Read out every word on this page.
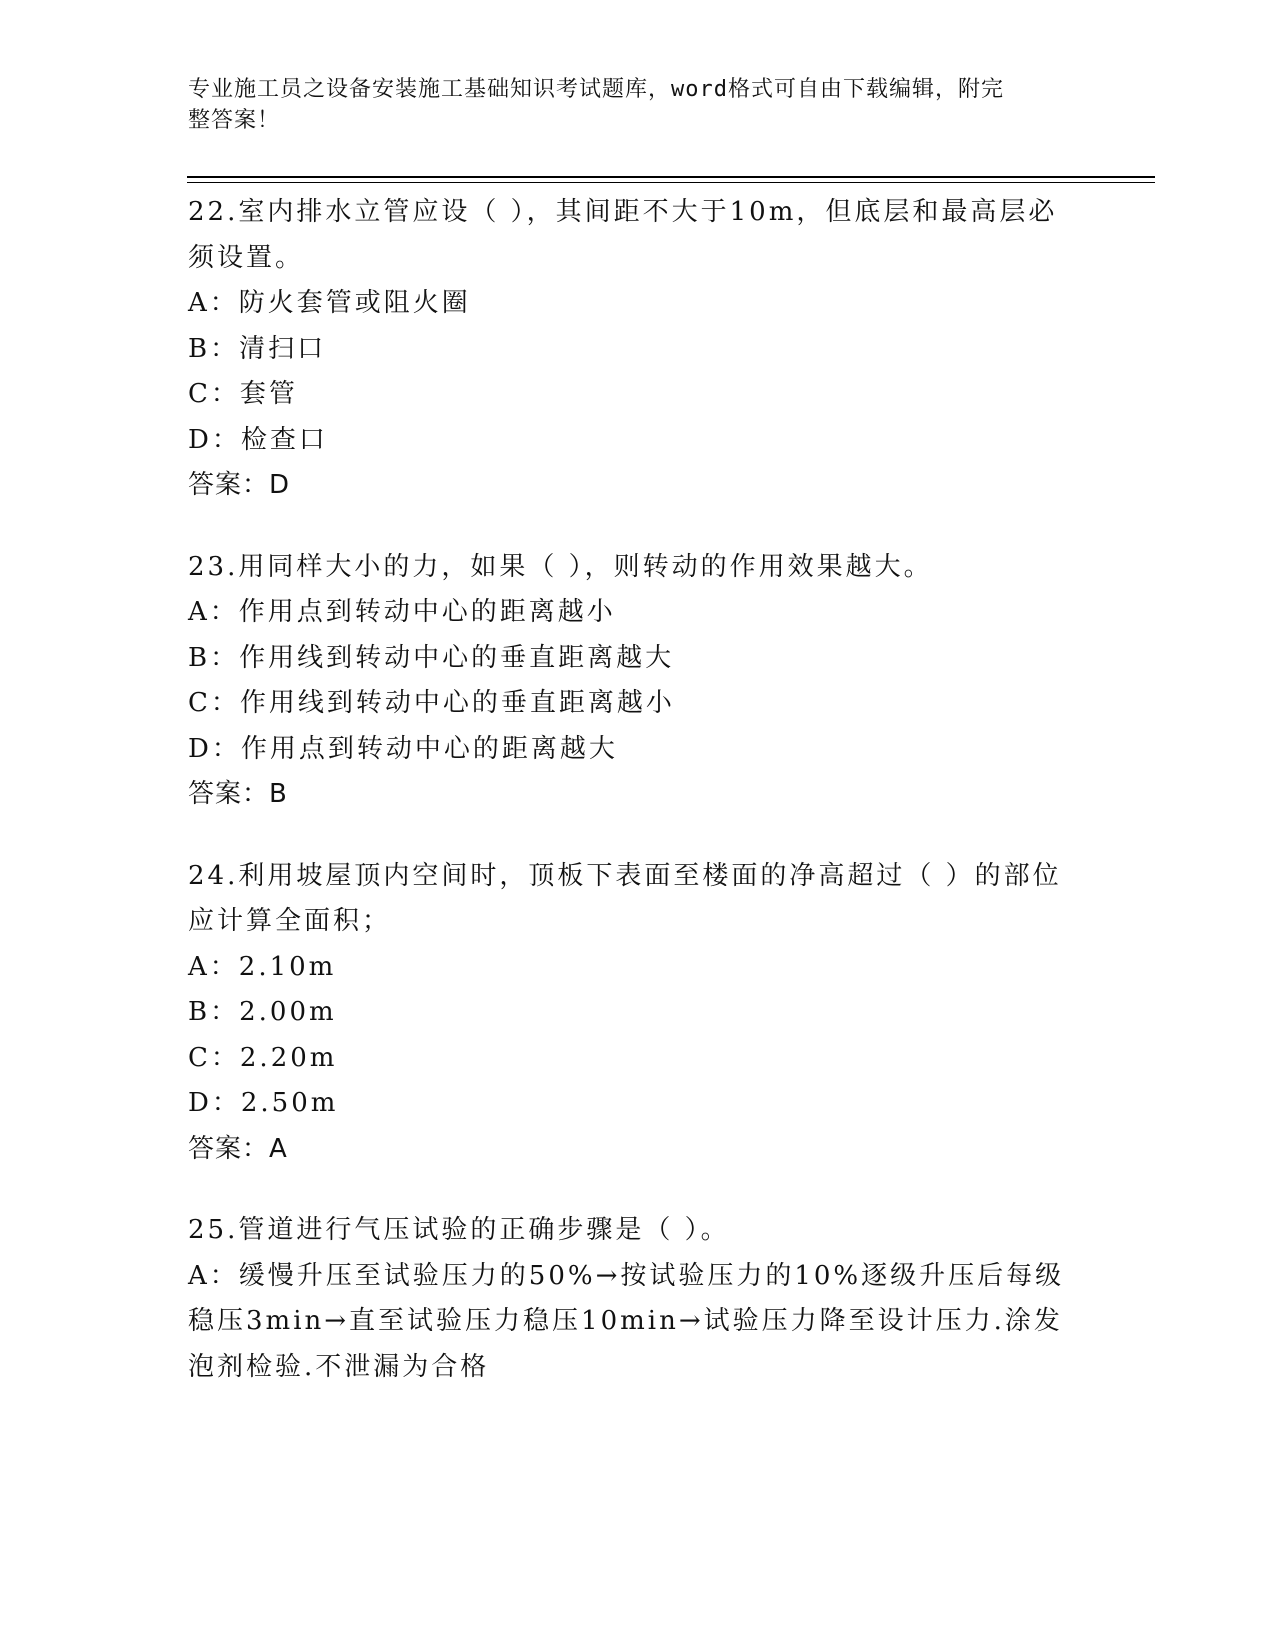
专业施工员之设备安装施工基础知识考试题库，word格式可自由下载编辑，附完
整答案！
22.室内排水立管应设（ ），其间距不大于10m，但底层和最高层必须设置。
A：防火套管或阻火圈
B：清扫口
C：套管
D：检查口
答案：D
23.用同样大小的力，如果（ ），则转动的作用效果越大。
A：作用点到转动中心的距离越小
B：作用线到转动中心的垂直距离越大
C：作用线到转动中心的垂直距离越小
D：作用点到转动中心的距离越大
答案：B
24.利用坡屋顶内空间时，顶板下表面至楼面的净高超过（ ）的部位应计算全面积；
A：2.10m
B：2.00m
C：2.20m
D：2.50m
答案：A
25.管道进行气压试验的正确步骤是（ ）。
A：缓慢升压至试验压力的50%→按试验压力的10%逐级升压后每级稳压3min→直至试验压力稳压10min→试验压力降至设计压力.涂发泡剂检验.不泄漏为合格
